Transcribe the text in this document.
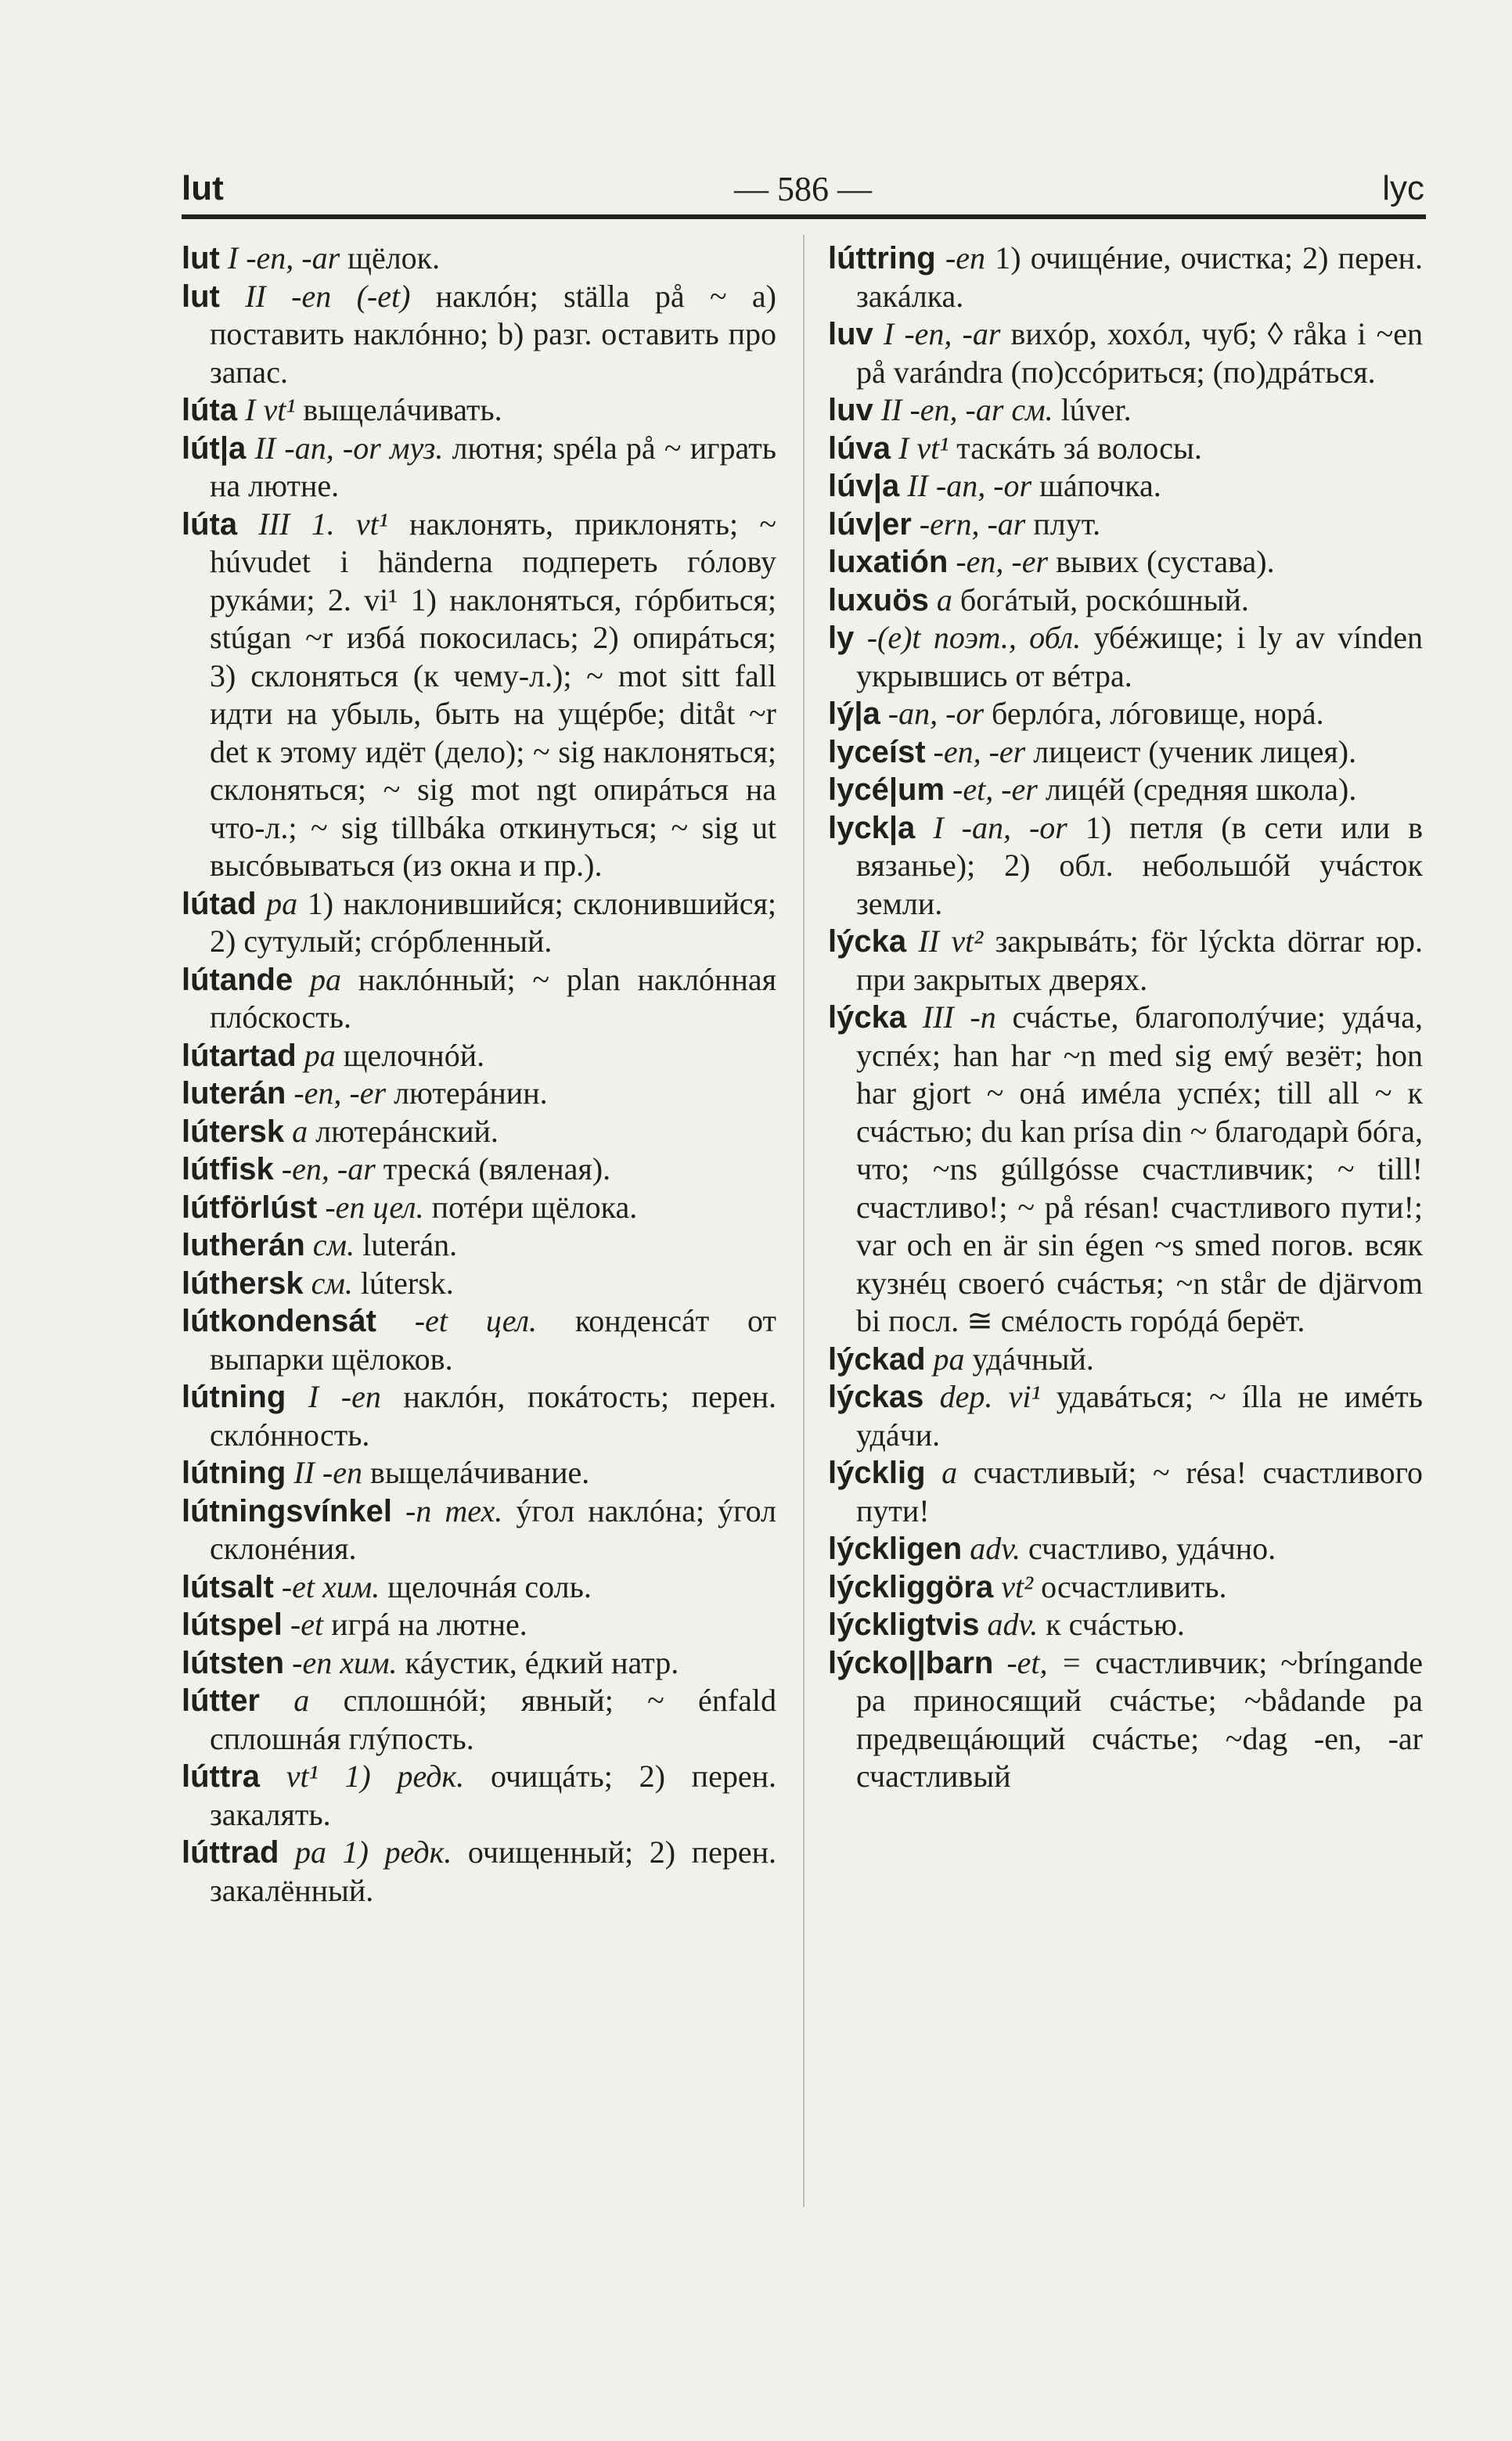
lut	— 586 —	lyc

lut I -en, -ar щёлок.

lut II -en (-et) наклóн; ställa på ~ а) поставить наклóнно; b) разг. оставить про запас.

lúta I vt¹ выщелáчивать.

lút|a II -an, -or муз. лютня; spéla på ~ играть на лютне.

lúta III 1. vt¹ наклонять, приклонять; ~ húvudet i händerna подпереть гóлову рукáми; 2. vi¹ 1) наклоняться, гóрбиться; stúgan ~r избá покосилась; 2) опирáться; 3) склоняться (к чему-л.); ~ mot sitt fall идти на убыль, быть на ущéрбе; ditåt ~r det к этому идёт (дело); ~ sig наклоняться; склоняться; ~ sig mot ngt опирáться на что-л.; ~ sig tillbáka откинуться; ~ sig ut высóвываться (из окна и пр.).

lútad pa 1) наклонившийся; склонившийся; 2) сутулый; сгóрбленный.

lútande pa наклóнный; ~ plan наклóнная плóскость.

lútartad pa щелочнóй.

luterán -en, -er лютерáнин.

lútersk a лютерáнский.

lútfisk -en, -ar трескá (вяленая).

lútförlúst -en цел. потéри щёлока.

lutherán см. luterán.

lúthersk см. lútersk.

lútkondensát -et цел. конденсáт от выпарки щёлоков.

lútning I -en наклóн, покáтость; перен. склóнность.

lútning II -en выщелáчивание.

lútningsvínkel -n тех. ýгол наклóна; ýгол склонéния.

lútsalt -et хим. щелочнáя соль.

lútspel -et игрá на лютне.

lútsten -en хим. кáустик, éдкий натр.

lútter a сплошнóй; явный; ~ énfald сплошнáя глýпость.

lúttra vt¹ 1) редк. очищáть; 2) перен. закалять.

lúttrad pa 1) редк. очищенный; 2) перен. закалённый.

lúttring -en 1) очищéние, очистка; 2) перен. закáлка.

luv I -en, -ar вихóр, хохóл, чуб; ◊ råka i ~en på varándra (по)ссóриться; (по)дрáться.

luv II -en, -ar см. lúver.

lúva I vt¹ таскáть зá волосы.

lúv|a II -an, -or шáпочка.

lúv|er -ern, -ar плут.

luxatión -en, -er вывих (сустава).

luxuös a богáтый, роскóшный.

ly -(e)t поэт., обл. убéжище; i ly av vínden укрывшись от вéтра.

lý|a -an, -or берлóга, лóговище, норá.

lyceíst -en, -er лицеист (ученик лицея).

lycé|um -et, -er лицéй (средняя школа).

lyck|a I -an, -or 1) петля (в сети или в вязанье); 2) обл. небольшóй учáсток земли.

lýcka II vt² закрывáть; för lýckta dörrar юр. при закрытых дверях.

lýcka III -n счáстье, благополýчие; удáча, успéх; han har ~n med sig емý везёт; hon har gjort ~ онá имéла успéх; till all ~ к счáстью; du kan prísa din ~ благодарѝ бóга, что; ~ns gúllgósse счастливчик; ~ till! счастливо!; ~ på résan! счастливого пути!; var och en är sin égen ~s smed погов. всяк кузнéц своегó счáстья; ~n står de djärvom bi посл. ≅ смéлость горóдá берёт.

lýckad pa удáчный.

lýckas dep. vi¹ удавáться; ~ ílla не имéть удáчи.

lýcklig a счастливый; ~ résa! счастливого пути!

lýckligen adv. счастливо, удáчно.

lýckliggöra vt² осчастливить.

lýckligtvis adv. к счáстью.

lýcko||barn -et, = счастливчик; ~bríngande pa приносящий счáстье; ~bådande pa предвещáющий счáстье; ~dag -en, -ar счастливый
